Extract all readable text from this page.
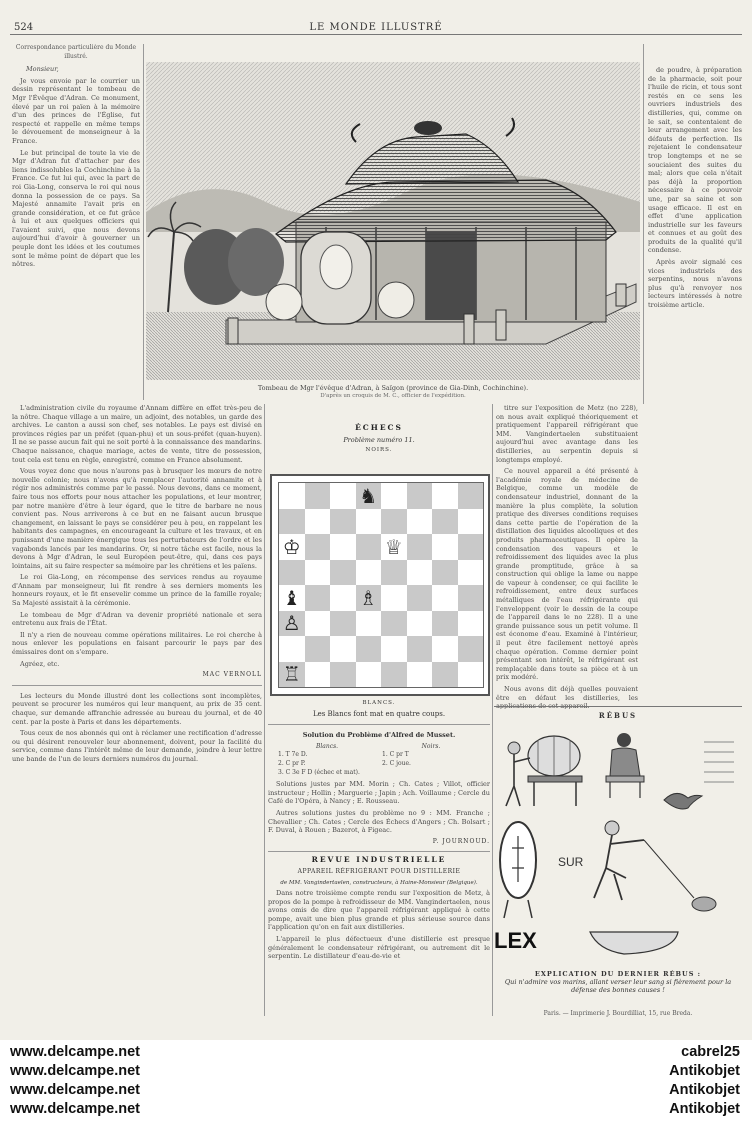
524	LE MONDE ILLUSTRÉ

Correspondance particulière du Monde illustré.

Monsieur,

Je vous envoie par le courrier un dessin représentant le tombeau de Mgr l'Évêque d'Adran. Ce monument, élevé par un roi païen à la mémoire d'un des princes de l'Église, fut respecté et rappelle en même temps le dévouement de monseigneur à la France.

Le but principal de toute la vie de Mgr d'Adran fut d'attacher par des liens indissolubles la Cochinchine à la France. Ce fut lui qui, avec la part de roi Gia-Long, conserva le roi qui nous donna la possession de ce pays. Sa Majesté annamite l'avait pris en grande considération, et ce fut grâce à lui et aux quelques officiers qui l'avaient suivi, que nous devons aujourd'hui d'avoir à gouverner un peuple dont les idées et les coutumes sont le même point de départ que les nôtres.

L'administration civile du royaume d'Annam diffère en effet très-peu de la nôtre. Chaque village a un maire, un adjoint, des notables, un garde des archives. Le canton a aussi son chef, ses notables. Le pays est divisé en provinces régies par un préfet (quan-phu) et un sous-préfet (quan-huyen). Il ne se passe aucun fait qui ne soit porté à la connaissance des mandarins. Chaque naissance, chaque mariage, actes de vente, titre de possession, tout cela est tenu en règle, enregistré, comme en France absolument.

Vous voyez donc que nous n'aurons pas à brusquer les mœurs de notre nouvelle colonie; nous n'avons qu'à remplacer l'autorité annamite et à régir nos administrés comme par le passé. Nous devons, dans ce moment, faire tous nos efforts pour nous attacher les populations, et leur montrer, par notre manière d'être à leur égard, que le titre de barbare ne nous convient pas. Nous arriverons à ce but en ne faisant aucun brusque changement, en laissant le pays se considérer peu à peu, en rappelant les habitants des campagnes, en encourageant la culture et les travaux, et en punissant d'une manière énergique tous les perturbateurs de l'ordre et les vagabonds lancés par les mandarins. Or, si notre tâche est facile, nous la devons à Mgr d'Adran, le seul Européen peut-être, qui, dans ces pays lointains, ait su faire respecter sa mémoire par les chrétiens et les païens.

Le roi Gia-Long, en récompense des services rendus au royaume d'Annam par monseigneur, lui fit rendre à ses derniers moments les honneurs royaux, et le fit ensevelir comme un prince de la famille royale; Sa Majesté assistait à la cérémonie.

Le tombeau de Mgr d'Adran va devenir propriété nationale et sera entretenu aux frais de l'État.

Il n'y a rien de nouveau comme opérations militaires. Le roi cherche à nous enlever les populations en faisant parcourir le pays par des émissaires dont on s'empare.

Agréez, etc.

MAC VERNOLL

Les lecteurs du Monde illustré dont les collections sont incomplètes, peuvent se procurer les numéros qui leur manquent, au prix de 35 cent. chaque, sur demande affranchie adressée au bureau du journal, et de 40 cent. par la poste à Paris et dans les départements.

Tous ceux de nos abonnés qui ont à réclamer une rectification d'adresse ou qui désirent renouveler leur abonnement, doivent, pour la facilité du service, comme dans l'intérêt même de leur demande, joindre à leur lettre une bande de l'un de leurs derniers numéros du journal.

Tombeau de Mgr l'évêque d'Adran, à Saïgon (province de Gia-Dinh, Cochinchine).
D'après un croquis de M. C., officier de l'expédition.
ÉCHECS
Problème numéro 11.
NOIRS.
♞
♔	♕
♝	♗
♙
♖
BLANCS.
Les Blancs font mat en quatre coups.
Solution du Problème d'Alfred de Musset.
Blancs.	Noirs.
1. T 7e D.	1. C pr T
2. C pr P.	2. C joue.
3. C 3e F D (échec et mat).

Solutions justes par MM. Morin ; Ch. Cates ; Villot, officier instructeur ; Hollin ; Marguerie ; Japin ; Ach. Voillaume ; Cercle du Café de l'Opéra, à Nancy ; E. Rousseau.

Autres solutions justes du problème no 9 : MM. Franche ; Chevallier ; Ch. Cates ; Cercle des Échecs d'Angers ; Ch. Bolsart ; F. Duval, à Rouen ; Bazerot, à Figeac.

P. JOURNOUD.
REVUE INDUSTRIELLE
APPAREIL RÉFRIGÉRANT POUR DISTILLERIE
de MM. Vangindertaelen, constructeurs, à Haine-Monsieur (Belgique).

Dans notre troisième compte rendu sur l'exposition de Metz, à propos de la pompe à refroidisseur de MM. Vangindertaelen, nous avons omis de dire que l'appareil réfrigérant appliqué à cette pompe, avait une bien plus grande et plus sérieuse source dans l'application qu'on en fait aux distilleries.

L'appareil le plus défectueux d'une distillerie est presque généralement le condensateur réfrigérant, ou autrement dit le serpentin. Le distillateur d'eau-de-vie et

titre sur l'exposition de Metz (no 228), on nous avait expliqué théoriquement et pratiquement l'appareil réfrigérant que MM. Vangindertaelen substituaient aujourd'hui avec avantage dans les distilleries, au serpentin depuis si longtemps employé.

Ce nouvel appareil a été présenté à l'académie royale de médecine de Belgique, comme un modèle de condensateur industriel, donnant de la manière la plus complète, la solution pratique des diverses conditions requises dans cette partie de l'opération de la distillation des liquides alcooliques et des produits pharmaceutiques. Il opère la condensation des vapeurs et le refroidissement des liquides avec la plus grande promptitude, grâce à sa construction qui oblige la lame ou nappe de vapeur à condenser, ce qui facilite le refroidissement, entre deux surfaces métalliques de l'eau réfrigérante qui l'enveloppent (voir le dessin de la coupe de l'appareil dans le no 228). Il a une grande puissance sous un petit volume. Il est économe d'eau. Examiné à l'intérieur, il peut être facilement nettoyé après chaque opération. Comme dernier point présentant son intérêt, le réfrigérant est remplaçable dans toute sa pièce et à un prix modéré.

Nous avons dit déjà quelles pouvaient être en défaut les distilleries, les

de poudre, à préparation de la pharmacie, soit pour l'huile de ricin, et tous sont restés en ce sens les ouvriers industriels des distilleries, qui, comme on le sait, se contentaient de leur arrangement avec les défauts de perfection. Ils rejetaient le condensateur trop longtemps et ne se souciaient des suites du mal; alors que cela n'était pas déjà la proportion nécessaire à ce pouvoir une, par sa saine et son usage efficace. Il est en effet d'une application industrielle sur les faveurs et connues et au goût des produits de la qualité qu'il condense.

Après avoir signalé ces vices industriels des serpentins, nous n'avons plus qu'à renvoyer nos lecteurs intéressés à notre troisième article.

RÉBUS
SUR
LEX
EXPLICATION DU DERNIER RÉBUS :
Qui n'admire vos marins, allant verser leur sang si fièrement pour la défense des bonnes causes !
Paris. — Imprimerie J. Bourdilliat, 15, rue Breda.
www.delcampe.net
www.delcampe.net
www.delcampe.net
www.delcampe.net
cabrel25
Antikobjet
Antikobjet
Antikobjet
